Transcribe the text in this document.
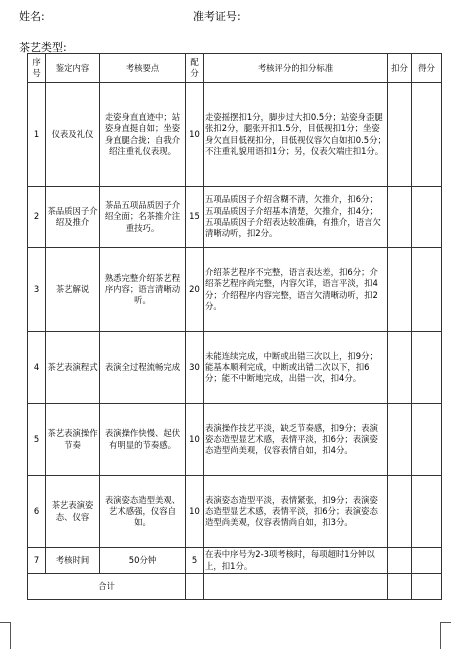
姓名:	准考证号:
茶艺类型:
序号	鉴定内容	考核要点	配分	考核评分的扣分标准	扣分	得分
1	仪表及礼仪	走姿身直直迹中；站姿身直挺自如；坐姿身直腿合拢；自我介绍注重礼仪表现。	10	走姿摇摆扣1分，脚步过大扣0.5分；站姿身歪腿张扣2分，腿张开扣1.5分，目低视扣1分；坐姿身欠直目低视扣分，目低视仪容欠自如扣0.5分；不注重礼貌用语扣1分；另，仪表欠端庄扣1分。		
2	茶品质因子介绍及推介	茶品五项品质因子介绍全面；名茶推介注重技巧。	15	五项品质因子介绍含糊不清，欠推介，扣6分；五项品质因子介绍基本清楚，欠推介，扣4分；五项品质因子介绍表达较准确，有推介，语言欠清晰动听，扣2分。		
3	茶艺解说	熟悉完整介绍茶艺程序内容；语言清晰动听。	20	介绍茶艺程序不完整，语言表达差，扣6分；介绍茶艺程序尚完整，内容欠详，语言平淡，扣4分；介绍程序内容完整，语言欠清晰动听，扣2分。		
4	茶艺表演程式	表演全过程流畅完成	30	未能连续完成，中断或出错三次以上，扣9分；能基本顺利完成，中断或出错二次以下，扣6分；能不中断地完成，出错一次，扣4分。		
5	茶艺表演操作节奏	表演操作快慢、起伏有明显的节奏感。	10	表演操作技艺平淡，缺乏节奏感，扣9分；表演姿态造型显艺术感，表情平淡，扣6分；表演姿态造型尚美观，仪容表情自如，扣4分。		
6	茶艺表演姿态、仪容	表演姿态造型美观、艺术感强，仪容自如。	10	表演姿态造型平淡，表情紧张，扣9分；表演姿态造型显艺术感，表情平淡，扣6分；表演姿态造型尚美观，仪容表情尚自如，扣3分。		
7	考核时间	50分钟	5	在表中序号为2-3项考核时，每项超时1分钟以上，扣1分。		
合计						
